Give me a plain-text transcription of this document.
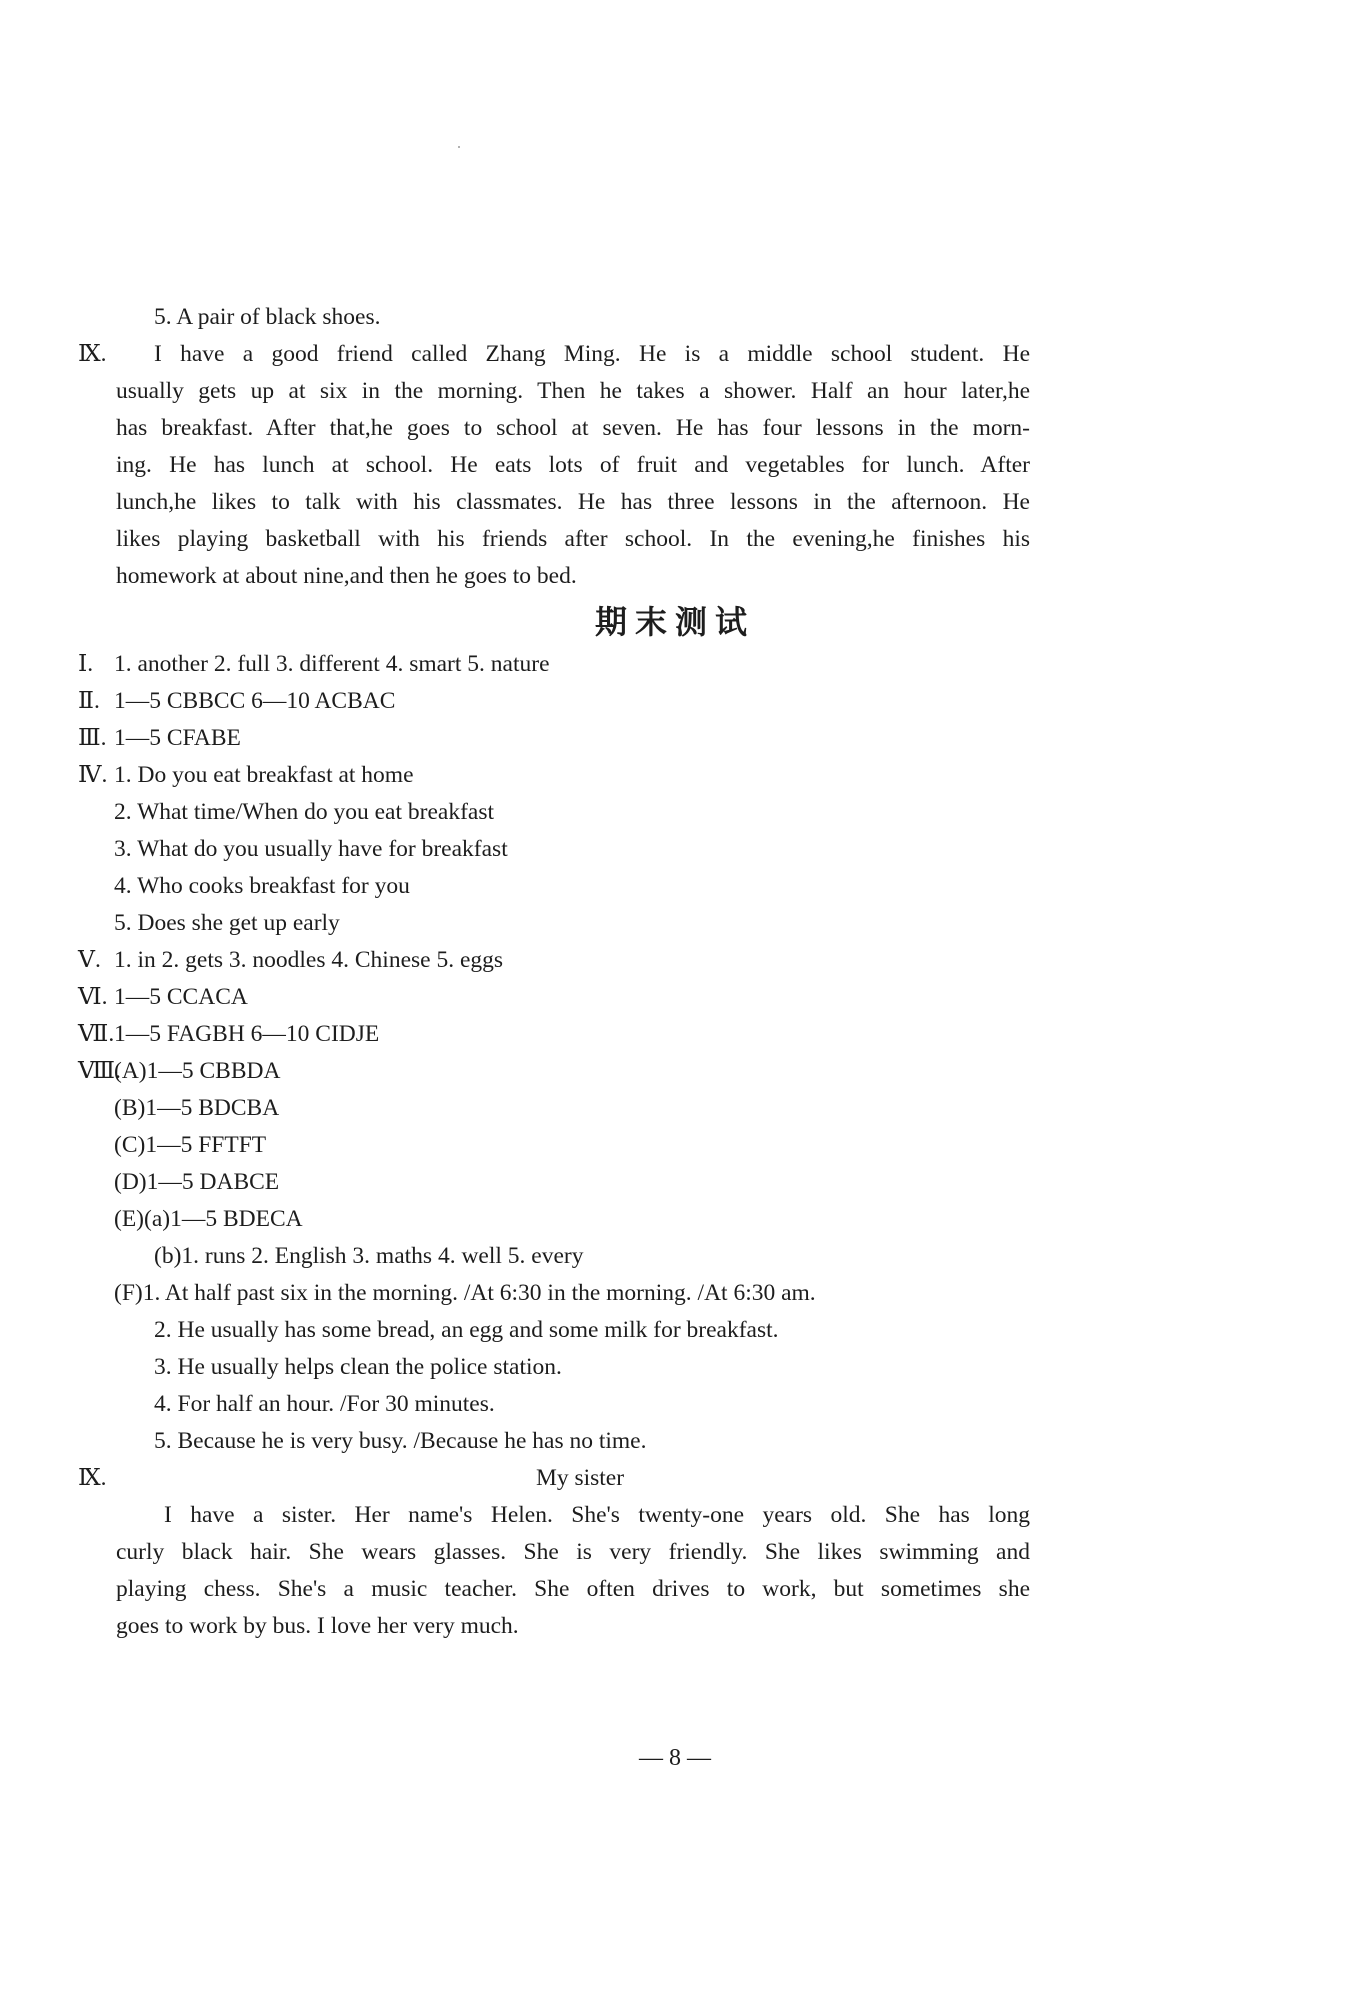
5. A pair of black shoes.
Ⅸ. I have a good friend called Zhang Ming. He is a middle school student. He
usually gets up at six in the morning. Then he takes a shower. Half an hour later,he
has breakfast. After that,he goes to school at seven. He has four lessons in the morn-
ing. He has lunch at school. He eats lots of fruit and vegetables for lunch. After
lunch,he likes to talk with his classmates. He has three lessons in the afternoon. He
likes playing basketball with his friends after school. In the evening,he finishes his
homework at about nine,and then he goes to bed.
期末测试
Ⅰ. 1. another 2. full 3. different 4. smart 5. nature
Ⅱ. 1—5 CBBCC 6—10 ACBAC
Ⅲ. 1—5 CFABE
Ⅳ. 1. Do you eat breakfast at home
2. What time/When do you eat breakfast
3. What do you usually have for breakfast
4. Who cooks breakfast for you
5. Does she get up early
Ⅴ. 1. in 2. gets 3. noodles 4. Chinese 5. eggs
Ⅵ. 1—5 CCACA
Ⅶ. 1—5 FAGBH 6—10 CIDJE
Ⅷ.
(A)1—5 CBBDA
(B)1—5 BDCBA
(C)1—5 FFTFT
(D)1—5 DABCE
(E)(a)1—5 BDECA
(b)1. runs 2. English 3. maths 4. well 5. every
(F)1. At half past six in the morning. /At 6:30 in the morning. /At 6:30 am.
2. He usually has some bread, an egg and some milk for breakfast.
3. He usually helps clean the police station.
4. For half an hour. /For 30 minutes.
5. Because he is very busy. /Because he has no time.
Ⅸ.	My sister
I have a sister. Her name's Helen. She's twenty-one years old. She has long
curly black hair. She wears glasses. She is very friendly. She likes swimming and
playing chess. She's a music teacher. She often drives to work, but sometimes she
goes to work by bus. I love her very much.
— 8 —
